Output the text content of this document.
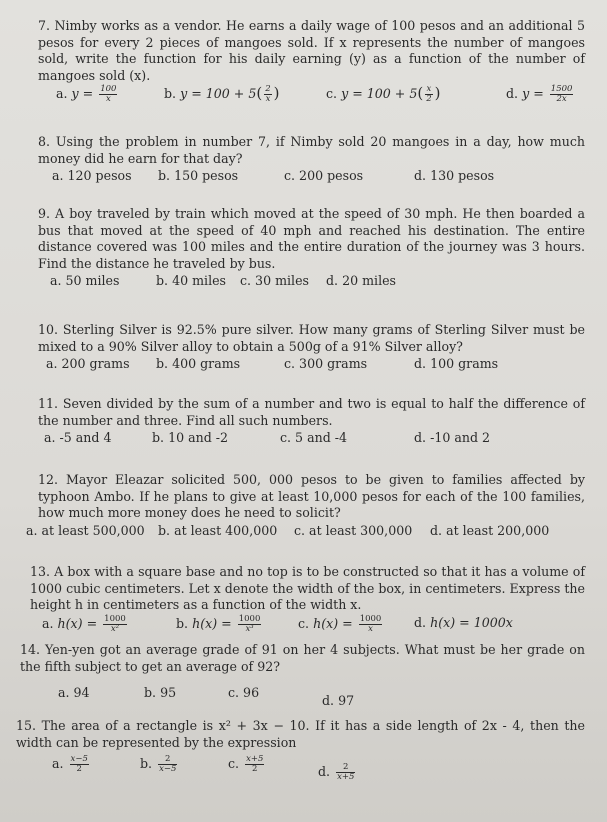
7. Nimby works as a vendor. He earns a daily wage of 100 pesos and an additional 5 pesos for every 2 pieces of mangoes sold. If x represents the number of mangoes sold, write the function for his daily earning (y) as a function of the number of mangoes sold (x).

a. $y = \frac{100}{x}$	b. $y = 100 + 5( \frac{2}{x}$ )	c. $y = 100 + 5( \frac{x}{2}$ )	d. $y = \frac{1500}{2x}$

8. Using the problem in number 7, if Nimby sold 20 mangoes in a day, how much money did he earn for that day?

a. 120 pesos b. 150 pesos	c. 200 pesos	d. 130 pesos

9. A boy traveled by train which moved at the speed of 30 mph. He then boarded a bus that moved at the speed of 40 mph and reached his destination. The entire distance covered was 100 miles and the entire duration of the journey was 3 hours. Find the distance he traveled by bus.

a. 50 miles	b. 40 miles c. 30 miles d. 20 miles

10. Sterling Silver is 92.5% pure silver. How many grams of Sterling Silver must be mixed to a 90% Silver alloy to obtain a 500g of a 91% Silver alloy?

a. 200 grams b. 400 grams	c. 300 grams	d. 100 grams

11. Seven divided by the sum of a number and two is equal to half the difference of the number and three. Find all such numbers.

a. -5 and 4	b. 10 and -2	c. 5 and -4	d. -10 and 2

12. Mayor Eleazar solicited 500, 000 pesos to be given to families affected by typhoon Ambo. If he plans to give at least 10,000 pesos for each of the 100 families, how much more money does he need to solicit?

a. at least 500,000 b. at least 400,000 c. at least 300,000 d. at least 200,000

13. A box with a square base and no top is to be constructed so that it has a volume of 1000 cubic centimeters. Let x denote the width of the box, in centimeters. Express the height h in centimeters as a function of the width x.

a. $h(x) = \frac{1000}{\text{x²}}$	b. $h(x) = \frac{1000}{\text{x³}}$	c. $h(x) = \frac{1000}{x}$	d. h(x) = 1000x

14. Yen-yen got an average grade of 91 on her 4 subjects. What must be her grade on the fifth subject to get an average of 92?

a. 94	b. 95	c. 96
d. 97

15. The area of a rectangle is x² + 3x − 10. If it has a side length of 2x - 4, then the width can be represented by the expression

a. $\frac{x-5}{2}$	b. $\frac{2}{x-5}$	c. $\frac{x+5}{2}$	d. $\frac{2}{x+5}$
